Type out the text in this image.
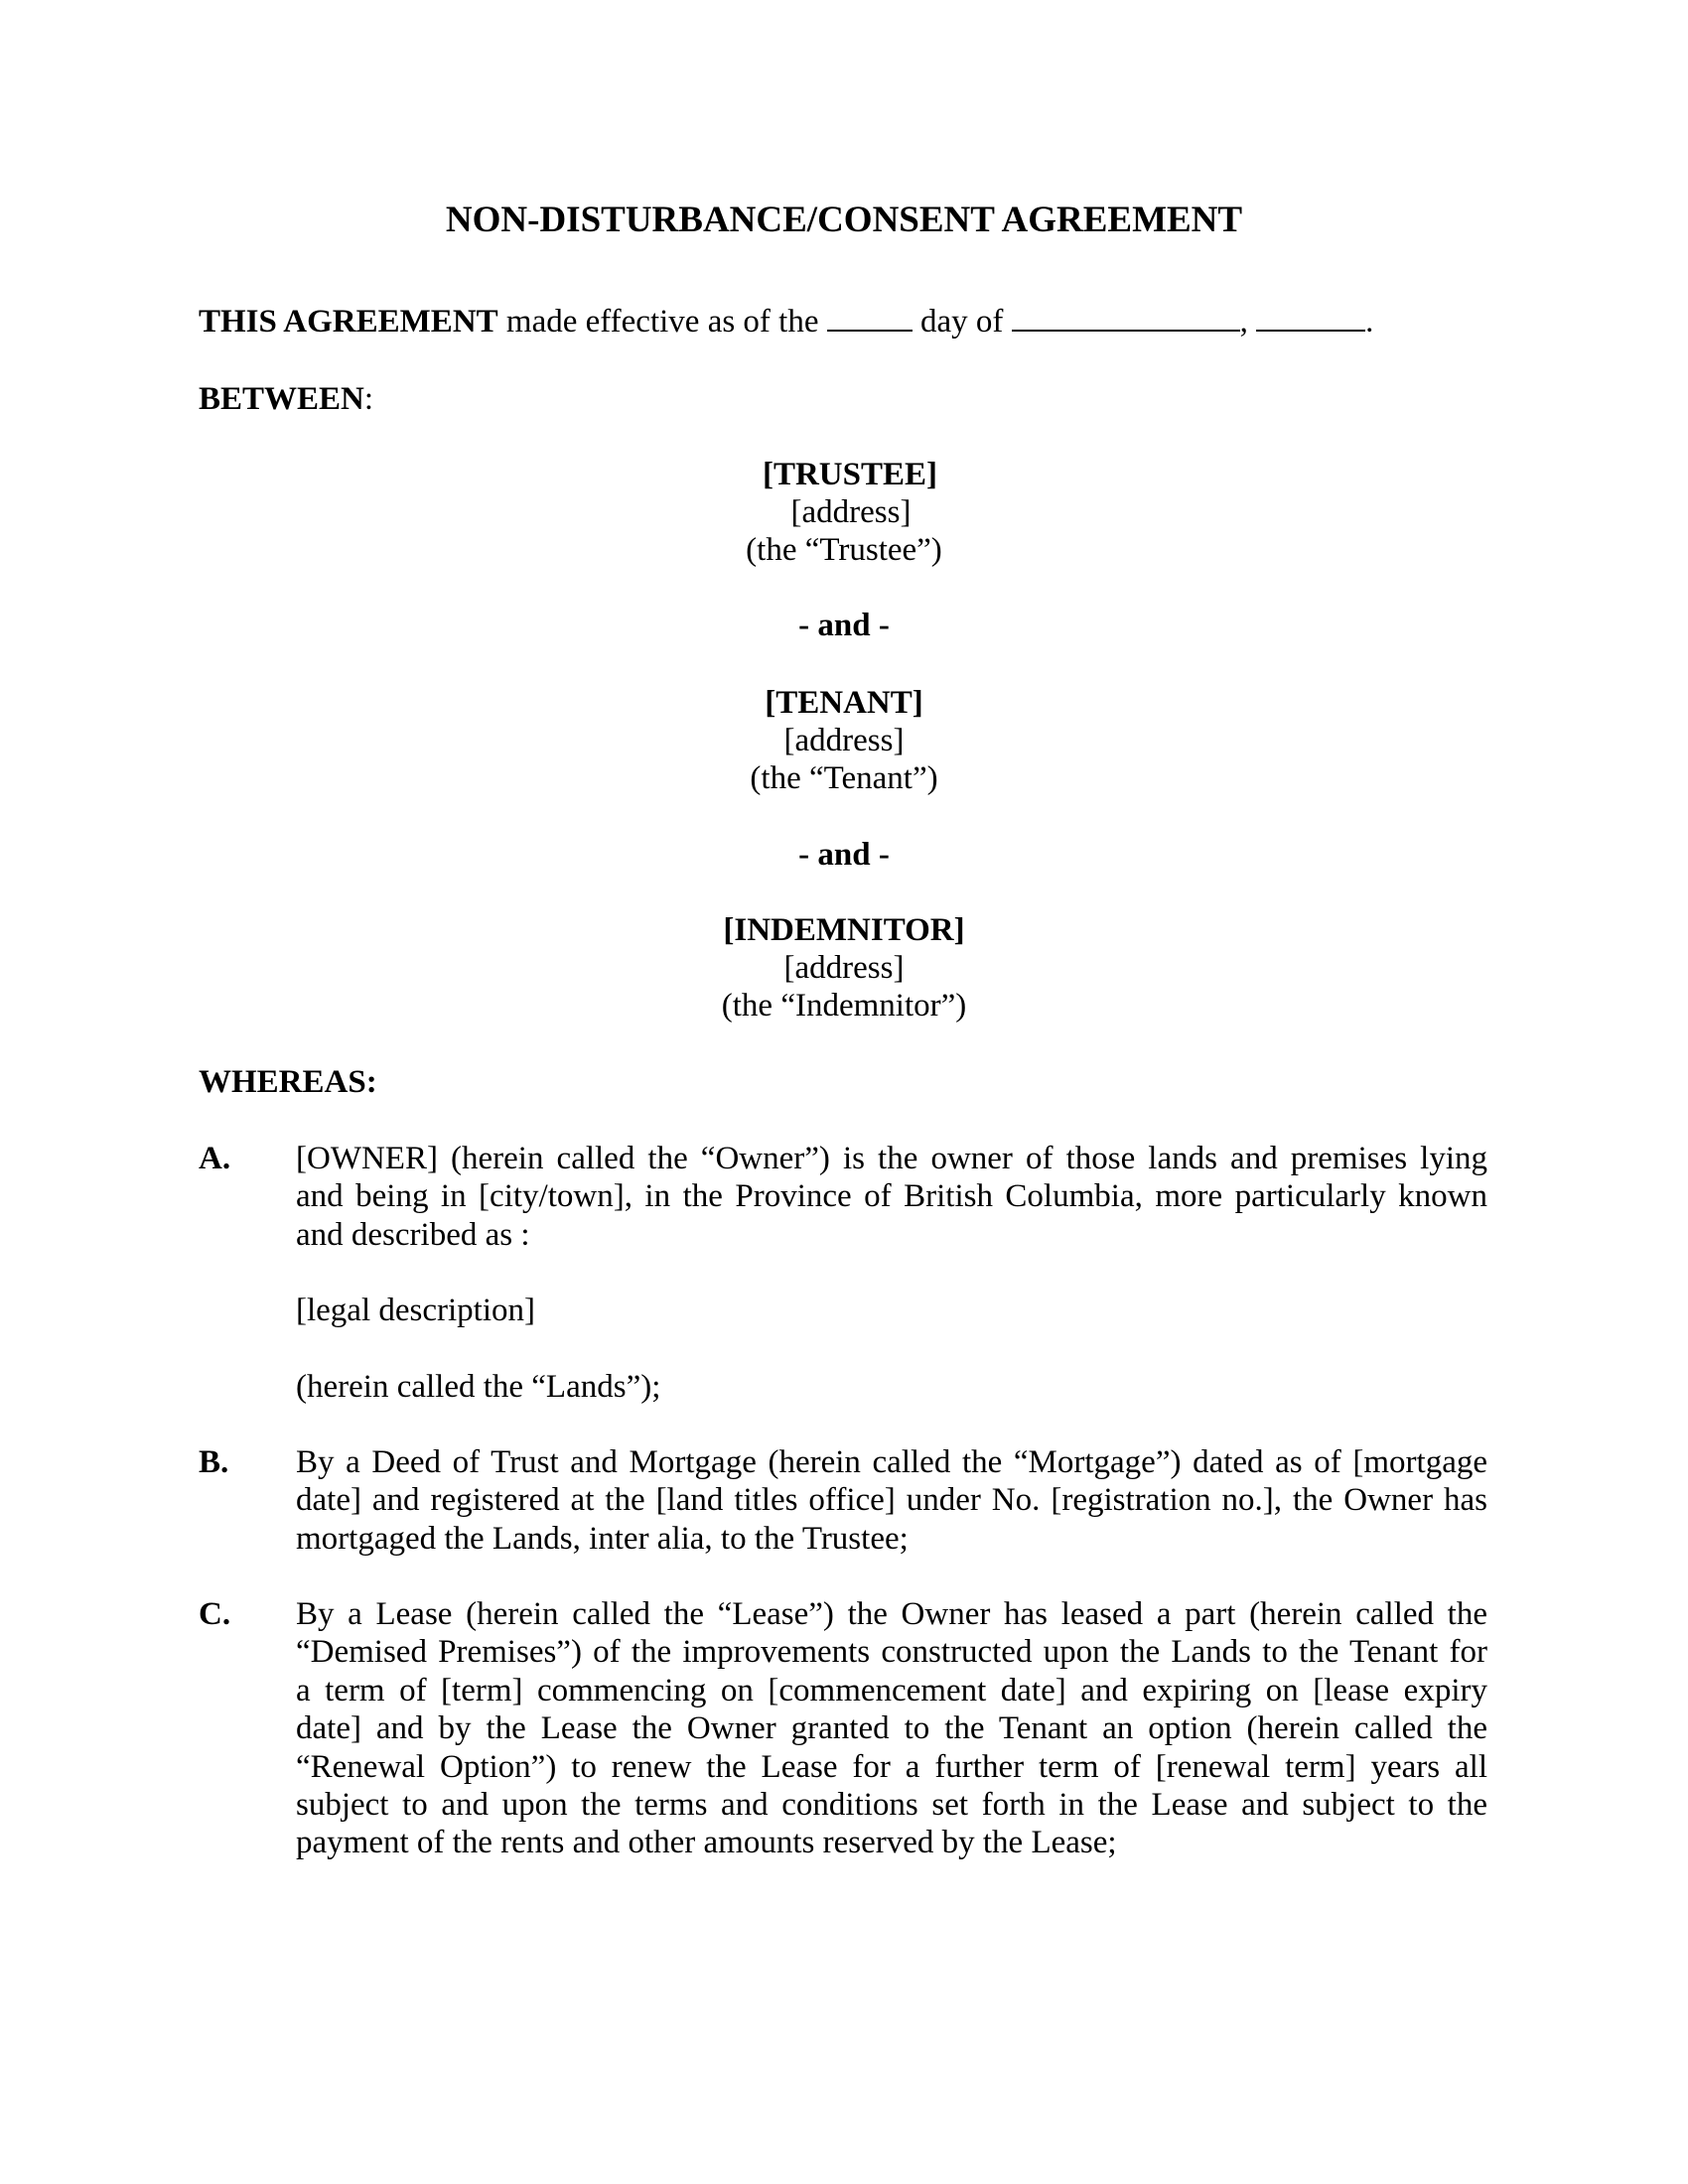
NON-DISTURBANCE/CONSENT AGREEMENT
THIS AGREEMENT made effective as of the	day of	,	.
BETWEEN:
[TRUSTEE]
[address]
(the “Trustee”)
- and -
[TENANT]
[address]
(the “Tenant”)
- and -
[INDEMNITOR]
[address]
(the “Indemnitor”)
WHEREAS:
A. [OWNER] (herein called the “Owner”) is the owner of those lands and premises lying
and being in [city/town], in the Province of British Columbia, more particularly known
and described as :
[legal description]
(herein called the “Lands”);
B. By a Deed of Trust and Mortgage (herein called the “Mortgage”) dated as of [mortgage
date] and registered at the [land titles office] under No. [registration no.], the Owner has
mortgaged the Lands, inter alia, to the Trustee;
C. By a Lease (herein called the “Lease”) the Owner has leased a part (herein called the
“Demised Premises”) of the improvements constructed upon the Lands to the Tenant for
a term of [term] commencing on [commencement date] and expiring on [lease expiry
date] and by the Lease the Owner granted to the Tenant an option (herein called the
“Renewal Option”) to renew the Lease for a further term of [renewal term] years all
subject to and upon the terms and conditions set forth in the Lease and subject to the
payment of the rents and other amounts reserved by the Lease;
